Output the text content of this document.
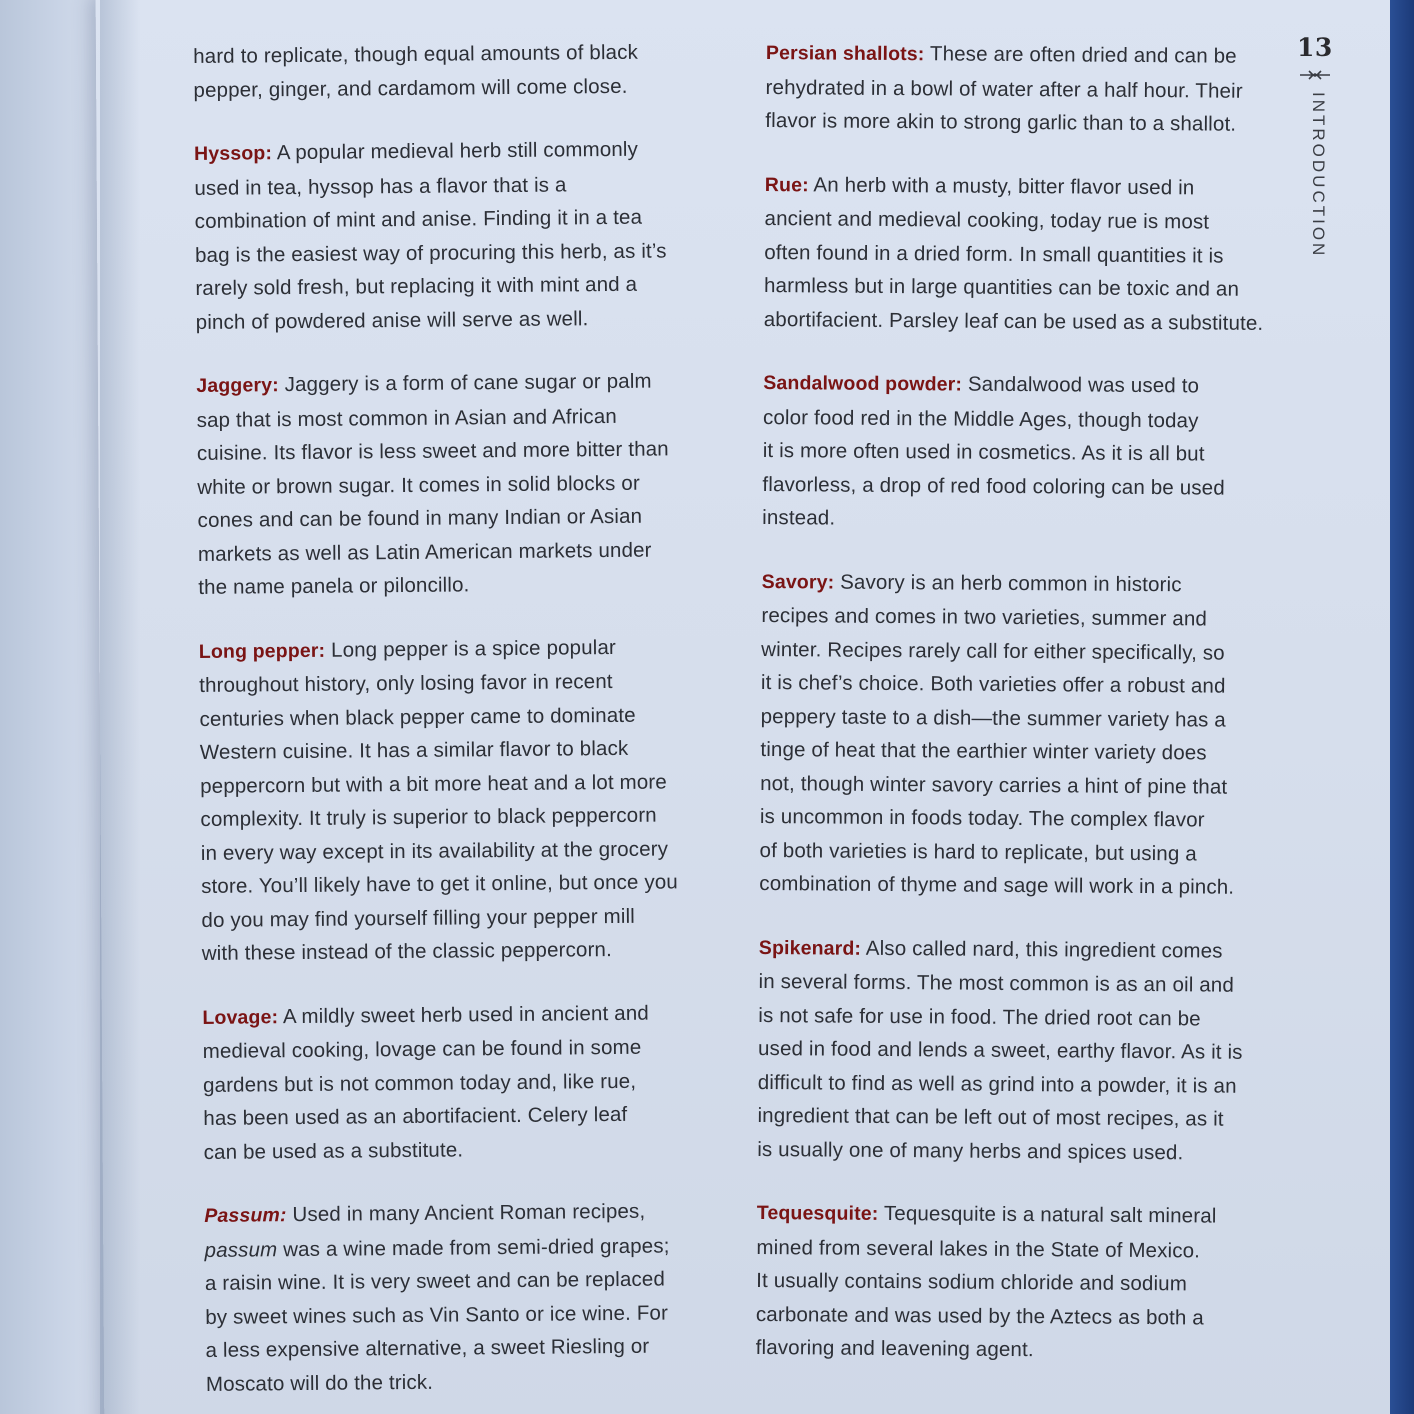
hard to replicate, though equal amounts of black
pepper, ginger, and cardamom will come close.
Hyssop: A popular medieval herb still commonly
used in tea, hyssop has a flavor that is a
combination of mint and anise. Finding it in a tea
bag is the easiest way of procuring this herb, as it’s
rarely sold fresh, but replacing it with mint and a
pinch of powdered anise will serve as well.
Jaggery: Jaggery is a form of cane sugar or palm
sap that is most common in Asian and African
cuisine. Its flavor is less sweet and more bitter than
white or brown sugar. It comes in solid blocks or
cones and can be found in many Indian or Asian
markets as well as Latin American markets under
the name panela or piloncillo.
Long pepper: Long pepper is a spice popular
throughout history, only losing favor in recent
centuries when black pepper came to dominate
Western cuisine. It has a similar flavor to black
peppercorn but with a bit more heat and a lot more
complexity. It truly is superior to black peppercorn
in every way except in its availability at the grocery
store. You’ll likely have to get it online, but once you
do you may find yourself filling your pepper mill
with these instead of the classic peppercorn.
Lovage: A mildly sweet herb used in ancient and
medieval cooking, lovage can be found in some
gardens but is not common today and, like rue,
has been used as an abortifacient. Celery leaf
can be used as a substitute.
Passum: Used in many Ancient Roman recipes,
passum was a wine made from semi-dried grapes;
a raisin wine. It is very sweet and can be replaced
by sweet wines such as Vin Santo or ice wine. For
a less expensive alternative, a sweet Riesling or
Moscato will do the trick.
Persian shallots: These are often dried and can be
rehydrated in a bowl of water after a half hour. Their
flavor is more akin to strong garlic than to a shallot.
Rue: An herb with a musty, bitter flavor used in
ancient and medieval cooking, today rue is most
often found in a dried form. In small quantities it is
harmless but in large quantities can be toxic and an
abortifacient. Parsley leaf can be used as a substitute.
Sandalwood powder: Sandalwood was used to
color food red in the Middle Ages, though today
it is more often used in cosmetics. As it is all but
flavorless, a drop of red food coloring can be used
instead.
Savory: Savory is an herb common in historic
recipes and comes in two varieties, summer and
winter. Recipes rarely call for either specifically, so
it is chef’s choice. Both varieties offer a robust and
peppery taste to a dish—the summer variety has a
tinge of heat that the earthier winter variety does
not, though winter savory carries a hint of pine that
is uncommon in foods today. The complex flavor
of both varieties is hard to replicate, but using a
combination of thyme and sage will work in a pinch.
Spikenard: Also called nard, this ingredient comes
in several forms. The most common is as an oil and
is not safe for use in food. The dried root can be
used in food and lends a sweet, earthy flavor. As it is
difficult to find as well as grind into a powder, it is an
ingredient that can be left out of most recipes, as it
is usually one of many herbs and spices used.
Tequesquite: Tequesquite is a natural salt mineral
mined from several lakes in the State of Mexico.
It usually contains sodium chloride and sodium
carbonate and was used by the Aztecs as both a
flavoring and leavening agent.
13
INTRODUCTION
